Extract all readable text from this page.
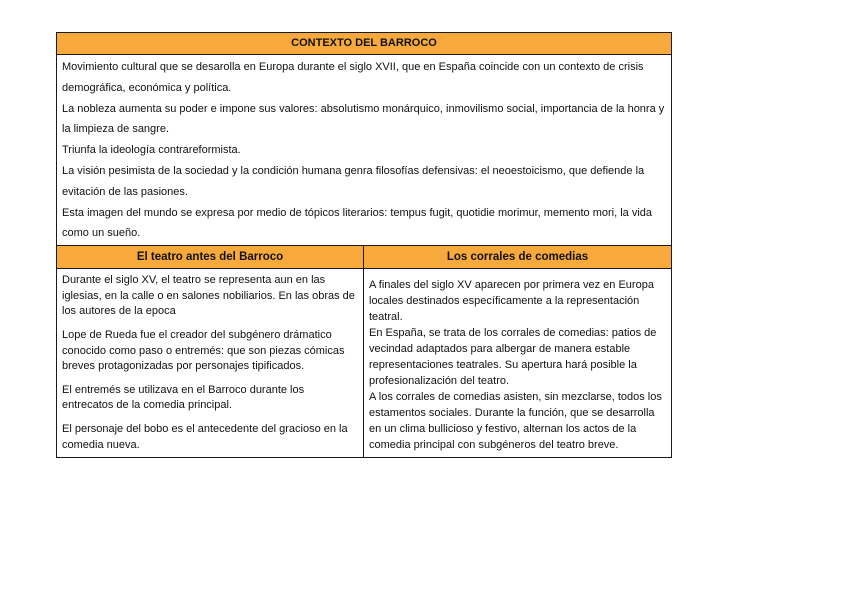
CONTEXTO DEL BARROCO

Movimiento cultural que se desarolla en Europa durante el siglo XVII, que en España coincide con un contexto de crisis demográfica, económica y política.

La nobleza aumenta su poder e impone sus valores: absolutismo monárquico, inmovilismo social, importancia de la honra y la limpieza de sangre.

Triunfa la ideología contrareformista.

La visión pesimista de la sociedad y la condición humana genra filosofías defensivas: el neoestoicismo, que defiende la evitación de las pasiones.

Esta imagen del mundo se expresa por medio de tópicos literarios: tempus fugit, quotidie morimur, memento mori, la vida como un sueño.

El teatro antes del Barroco

Durante el siglo XV, el teatro se representa aun en las iglesias, en la calle o en salones nobiliarios. En las obras de los autores de la epoca

Lope de Rueda fue el creador del subgénero drámatico conocido como paso o entremés: que son piezas cómicas breves protagonizadas por personajes tipificados.

El entremés se utilizava en el Barroco durante los entrecatos de la comedia principal.

El personaje del bobo es el antecedente del gracioso en la comedia nueva.

Los corrales de comedias

A finales del siglo XV aparecen por primera vez en Europa locales destinados específicamente a la representación teatral.

En España, se trata de los corrales de comedias: patios de vecindad adaptados para albergar de manera estable representaciones teatrales. Su apertura hará posible la profesionalización del teatro.

A los corrales de comedias asisten, sin mezclarse, todos los estamentos sociales. Durante la función, que se desarrolla en un clima bullicioso y festivo, alternan los actos de la comedia principal con subgéneros del teatro breve.
